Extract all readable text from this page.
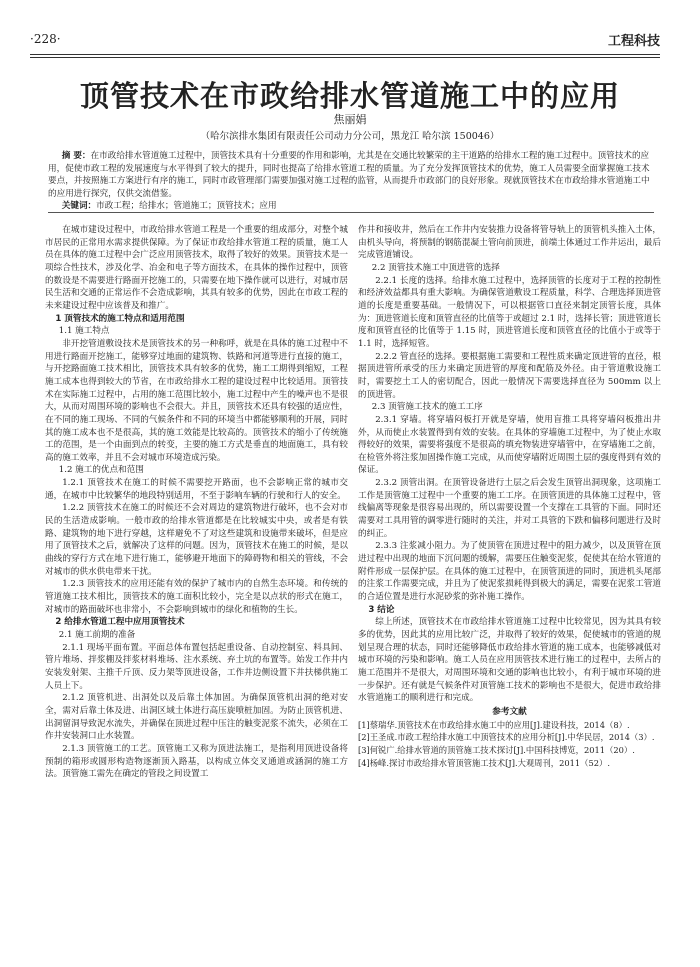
·228·	工程科技
顶管技术在市政给排水管道施工中的应用
焦丽娟
（哈尔滨排水集团有限责任公司动力分公司，黑龙江 哈尔滨 150046）
摘 要：在市政给排水管道施工过程中，顶管技术具有十分重要的作用和影响，尤其是在交通比较繁荣的主干道路的给排水工程的施工过程中。顶管技术的应用，促使市政工程的发展速度与水平得到了较大的提升，同时也提高了给排水管道工程的质量。为了充分发挥顶管技术的优势，施工人员需要全面掌握施工技术要点，并按照施工方案进行有序的施工，同时市政管理部门需要加强对施工过程的监管，从而提升市政部门的良好形象。现就顶管技术在市政给排水管道施工中的应用进行探究，仅供交流借鉴。
关键词：市政工程；给排水；管道施工；顶管技术；应用

在城市建设过程中，市政给排水管道工程是一个重要的组成部分，对整个城市居民的正常用水需求提供保障。为了保证市政给排水管道工程的质量，施工人员在具体的施工过程中会广泛应用顶管技术，取得了较好的效果。顶管技术是一项综合性技术，涉及化学、冶金和电子等方面技术，在具体的操作过程中，顶管的数设是不需要进行路面开挖施工的，只需要在地下操作就可以进行，对城市居民生活和交通的正常运作不会造成影响，其具有较多的优势，因此在市政工程的未来建设过程中应该普及和推广。

1 顶管技术的施工特点和适用范围

1.1 施工特点

非开挖管道敷设技术是顶管技术的另一种称呼，就是在具体的施工过程中不用进行路面开挖施工，能够穿过地面的建筑物、铁路和河道等进行直接的施工，与开挖路面施工技术相比，顶管技术具有较多的优势，施工工期得到缩短，工程施工成本也得到较大的节省，在市政给排水工程的建设过程中比较适用。顶管技术在实际施工过程中，占用的施工范围比较小，施工过程中产生的噪声也不是很大，从而对周围环境的影响也不会很大。并且，顶管技术还具有较强的适应性，在不同的施工现场、不同的气候条件和不同的环境当中都能够顺利的开展，同时其的施工成本也不是很高，其的施工效能是比较高的。顶管技术的缩小了传统施工的范围，是一个由面到点的转变，主要的施工方式是垂直的地面施工，具有较高的施工效率，并且不会对城市环境造成污染。

1.2 施工的优点和范围

1.2.1 顶管技术在施工的时候不需要挖开路面，也不会影响正常的城市交通，在城市中比较繁华的地段特别适用，不至于影响车辆的行驶和行人的安全。

1.2.2 顶管技术在施工的时候还不会对周边的建筑物进行破坏，也不会对市民的生活造成影响。一般市政的给排水管道都是在比较城实中央，或者是有铁路、建筑物的地下进行穿越，这样避免不了对这些建筑和设施带来破坏，但是应用了顶管技术之后，就解决了这样的问题。因为，顶管技术在施工的时候，是以曲线的穿行方式在地下进行施工，能够避开地面下的障碍物和相关的管线，不会对城市的供水供电带来干扰。

1.2.3 顶管技术的应用还能有效的保护了城市内的自然生态环境。和传统的管道施工技术相比，顶管技术的施工面积比较小，完全是以点状的形式在施工，对城市的路面破坏也非常小，不会影响到城市的绿化和植物的生长。

2 给排水管道工程中应用顶管技术

2.1 施工前期的准备

2.1.1 现场平面布置。平面总体布置包括起重设备、自动控制室、料具间、管片堆场、拌浆棚及拌浆材料堆场、注水系统、弃土坑的布置等。始发工作井内安装发射架、主推千斤顶、反力架等顶进设备，工作井边侧设置下井扶梯供施工人员上下。

2.1.2 顶管机进、出洞处以及后靠土体加固。为确保顶管机出洞的绝对安全，需对后靠土体及进、出洞区域土体进行高压旋喷桩加固。为防止顶管机进、出洞留洞导致泥水流失，并确保在顶进过程中压注的触变泥浆不流失，必须在工作井安装洞口止水装置。

2.1.3 顶管施工的工艺。顶管施工又称为顶进法施工，是指利用顶进设备将预制的箱形或圆形构造物逐渐顶入路基，以构成立体交叉通道或涵洞的施工方法。顶管施工需先在确定的管段之间设置工

作井和接收井，然后在工作井内安装推力设备将管导轨上的顶管机头推入土体，由机头导向，将预制的钢筋混凝土管向前顶进，前端土体通过工作井运出，最后完成管道铺设。

2.2 顶管技术施工中顶进管的选择

2.2.1 长度的选择。给排水施工过程中，选择顶管的长度对于工程的控制性和经济效益都具有重大影响。为确保管道敷设工程质量，科学、合理选择顶进管道的长度是重要基础。一般情况下，可以根据管口直径来制定顶管长度，具体为：顶进管道长度和顶管直径的比值等于或超过 2.1 时，选择长管；顶进管道长度和顶管直径的比值等于 1.15 时，顶进管道长度和顶管直径的比值小于或等于 1.1 时，选择短管。

2.2.2 管直径的选择。要根据施工需要和工程性质来确定顶进管的直径，根据顶进管所承受的压力来确定顶进管的厚度和配筋及外径。由于管道敷设施工时，需要挖土工人的密切配合，因此一般情况下需要选择直径为 500mm 以上的顶进管。

2.3 顶管施工技术的施工工序

2.3.1 穿墙。将穿墙闷板打开就是穿墙，使用盲推工具将穿墙闷板推出井外，从而使止水装置得到有效的安装。在具体的穿墙施工过程中，为了使止水取得较好的效果，需要将强度不是很高的填充物装进穿墙管中，在穿墙施工之前，在检管外将注浆加固操作施工完成，从而使穿墙附近周围土层的强度得到有效的保证。

2.3.2 顶管出洞。在顶管设备进行土层之后会发生顶管出洞现象，这项施工工作是顶管施工过程中一个重要的施工工序。在顶管顶进的具体施工过程中，管线偏离等现象是很容易出现的，所以需要设置一个支撑在工具管的下面。同时还需要对工具用管的调零进行随时的关注，并对工具管的下跌和偏移问题进行及时的纠正。

2.3.3 注浆减小阻力。为了使顶管在顶进过程中的阻力减少，以及顶管在顶进过程中出现的地面下沉问题的缓解，需要压住触变泥浆，促使其在给水管道的附件形成一层保护层。在具体的施工过程中，在顶管顶进的同时，顶进机头尾部的注浆工作需要完成，并且为了使泥浆损耗得到极大的满足，需要在泥浆工管道的合适位置是进行水泥砂浆的弥补施工操作。

3 结论

综上所述，顶管技术在市政给排水管道施工过程中比较常见，因为其具有较多的优势，因此其的应用比较广泛，并取得了较好的效果，促使城市的管道的规划呈现合理的状态，同时还能够降低市政给排水管道的施工成本，也能够减低对城市环境的污染和影响。施工人员在应用顶管技术进行施工的过程中，去所占的施工范围并不是很大，对周围环境和交通的影响也比较小，有利于城市环境的进一步保护。还有就是气候条件对顶管施工技术的影响也不是很大，促进市政给排水管道施工的顺利进行和完成。

参考文献

[1]蔡瑞华.顶管技术在市政给排水施工中的应用[J].建设科技，2014（8）.

[2]王圣成.市政工程给排水施工中顶管技术的应用分析[J].中华民居，2014（3）.

[3]何锐广.给排水管道的顶管施工技术探讨[J].中国科技博览，2011（20）.

[4]杨峰.探讨市政给排水管顶管施工技术[J].大观周刊，2011（52）.
